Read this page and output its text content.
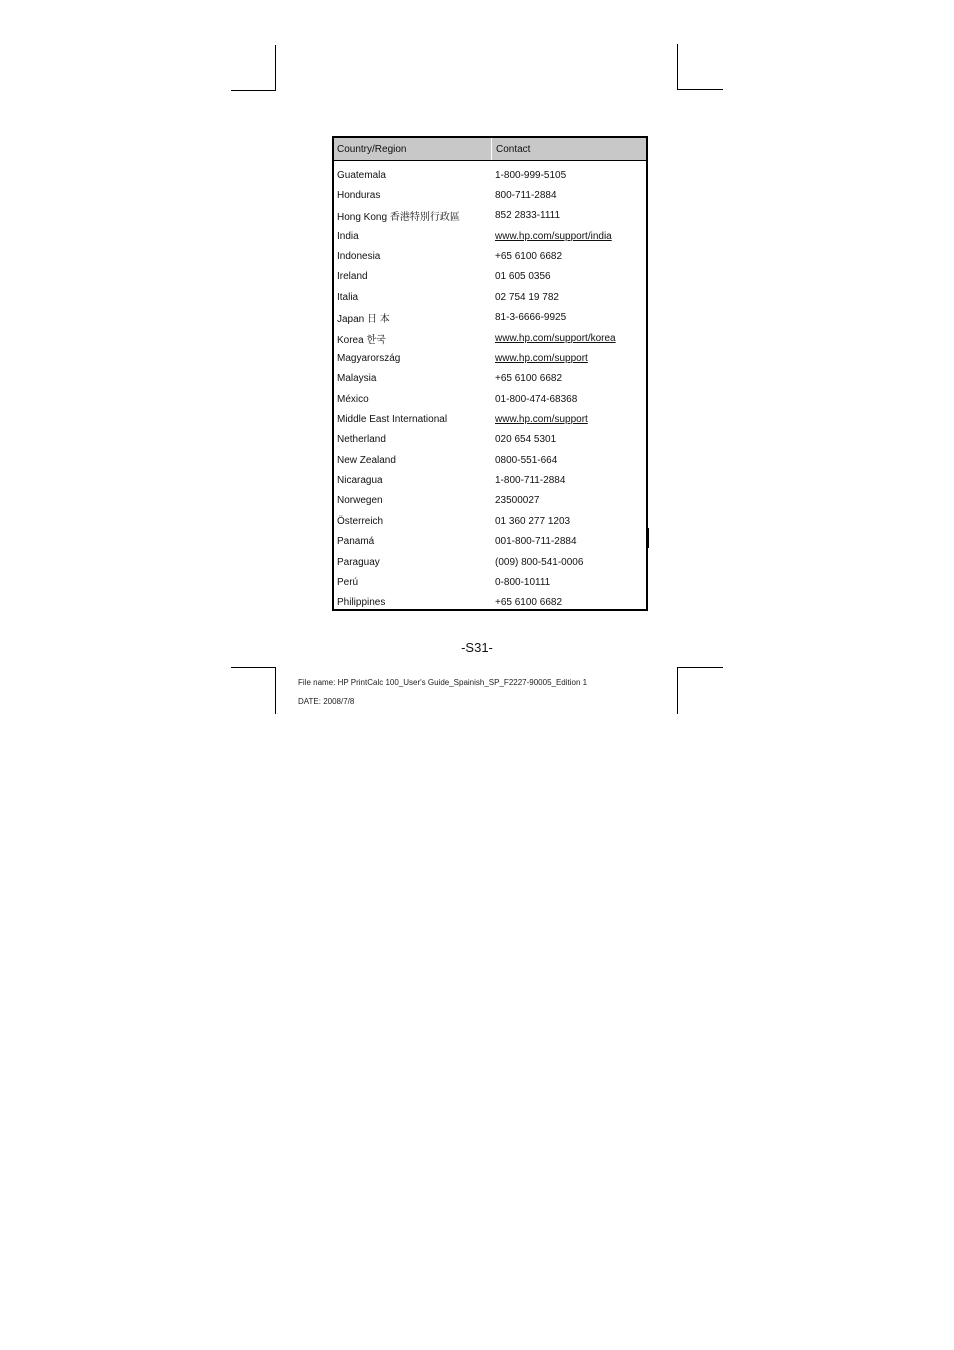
Country/Region	Contact
Guatemala	1-800-999-5105
Honduras	800-711-2884
Hong Kong 香港特別行政區	852 2833-1111
India	www.hp.com/support/india
Indonesia	+65 6100 6682
Ireland	01 605 0356
Italia	02 754 19 782
Japan 日 本	81-3-6666-9925
Korea 한국	www.hp.com/support/korea
Magyarország	www.hp.com/support
Malaysia	+65 6100 6682
México	01-800-474-68368
Middle East International	www.hp.com/support
Netherland	020 654 5301
New Zealand	0800-551-664
Nicaragua	1-800-711-2884
Norwegen	23500027
Österreich	01 360 277 1203
Panamá	001-800-711-2884
Paraguay	(009) 800-541-0006
Perú	0-800-10111
Philippines	+65 6100 6682
-S31-
File name: HP PrintCalc 100_User's Guide_Spainish_SP_F2227-90005_Edition 1
DATE: 2008/7/8
